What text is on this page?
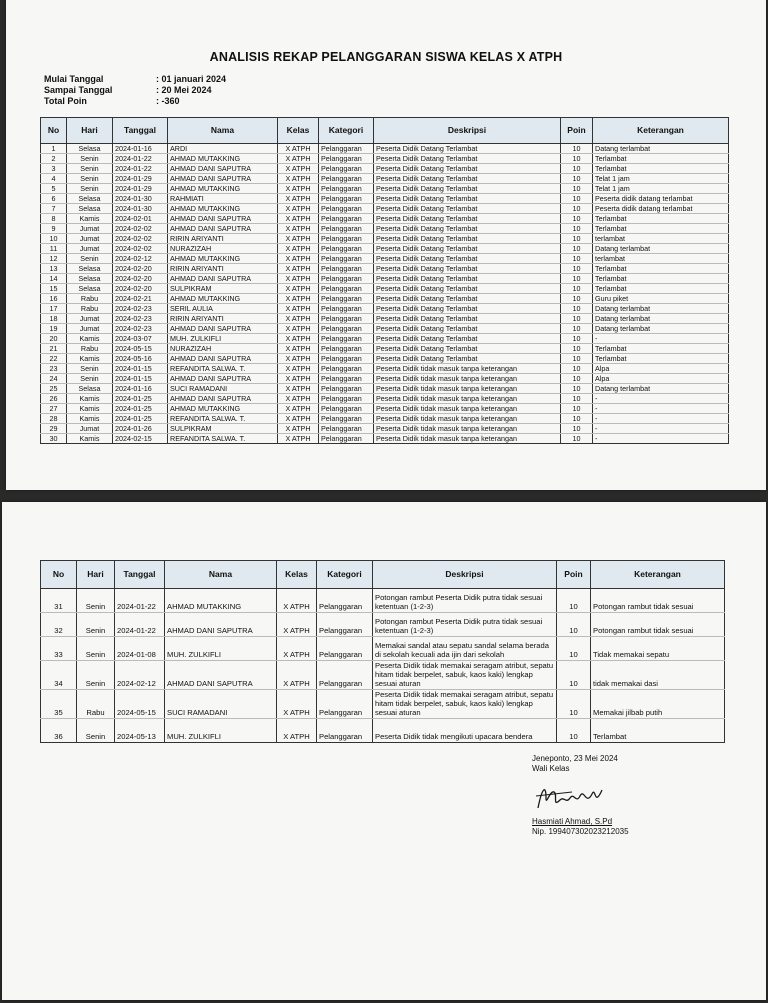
ANALISIS REKAP PELANGGARAN SISWA KELAS X ATPH
Mulai Tanggal	: 01 januari 2024
Sampai Tanggal	: 20 Mei 2024
Total Poin	: -360
No	Hari	Tanggal	Nama	Kelas	Kategori	Deskripsi	Poin	Keterangan
1	Selasa	2024-01-16	ARDI	X ATPH	Pelanggaran	Peserta Didik Datang Terlambat	10	Datang terlambat
2	Senin	2024-01-22	AHMAD MUTAKKING	X ATPH	Pelanggaran	Peserta Didik Datang Terlambat	10	Terlambat
3	Senin	2024-01-22	AHMAD DANI SAPUTRA	X ATPH	Pelanggaran	Peserta Didik Datang Terlambat	10	Terlambat
4	Senin	2024-01-29	AHMAD DANI SAPUTRA	X ATPH	Pelanggaran	Peserta Didik Datang Terlambat	10	Telat 1 jam
5	Senin	2024-01-29	AHMAD MUTAKKING	X ATPH	Pelanggaran	Peserta Didik Datang Terlambat	10	Telat 1 jam
6	Selasa	2024-01-30	RAHMIATI	X ATPH	Pelanggaran	Peserta Didik Datang Terlambat	10	Peserta didik datang terlambat
7	Selasa	2024-01-30	AHMAD MUTAKKING	X ATPH	Pelanggaran	Peserta Didik Datang Terlambat	10	Peserta didik datang terlambat
8	Kamis	2024-02-01	AHMAD DANI SAPUTRA	X ATPH	Pelanggaran	Peserta Didik Datang Terlambat	10	Terlambat
9	Jumat	2024-02-02	AHMAD DANI SAPUTRA	X ATPH	Pelanggaran	Peserta Didik Datang Terlambat	10	Terlambat
10	Jumat	2024-02-02	RIRIN ARIYANTI	X ATPH	Pelanggaran	Peserta Didik Datang Terlambat	10	terlambat
11	Jumat	2024-02-02	NURAZIZAH	X ATPH	Pelanggaran	Peserta Didik Datang Terlambat	10	Datang terlambat
12	Senin	2024-02-12	AHMAD MUTAKKING	X ATPH	Pelanggaran	Peserta Didik Datang Terlambat	10	terlambat
13	Selasa	2024-02-20	RIRIN ARIYANTI	X ATPH	Pelanggaran	Peserta Didik Datang Terlambat	10	Terlambat
14	Selasa	2024-02-20	AHMAD DANI SAPUTRA	X ATPH	Pelanggaran	Peserta Didik Datang Terlambat	10	Terlambat
15	Selasa	2024-02-20	SULPIKRAM	X ATPH	Pelanggaran	Peserta Didik Datang Terlambat	10	Terlambat
16	Rabu	2024-02-21	AHMAD MUTAKKING	X ATPH	Pelanggaran	Peserta Didik Datang Terlambat	10	Guru piket
17	Rabu	2024-02-23	SERIL AULIA	X ATPH	Pelanggaran	Peserta Didik Datang Terlambat	10	Datang terlambat
18	Jumat	2024-02-23	RIRIN ARIYANTI	X ATPH	Pelanggaran	Peserta Didik Datang Terlambat	10	Datang terlambat
19	Jumat	2024-02-23	AHMAD DANI SAPUTRA	X ATPH	Pelanggaran	Peserta Didik Datang Terlambat	10	Datang terlambat
20	Kamis	2024-03-07	MUH. ZULKIFLI	X ATPH	Pelanggaran	Peserta Didik Datang Terlambat	10	-
21	Rabu	2024-05-15	NURAZIZAH	X ATPH	Pelanggaran	Peserta Didik Datang Terlambat	10	Terlambat
22	Kamis	2024-05-16	AHMAD DANI SAPUTRA	X ATPH	Pelanggaran	Peserta Didik Datang Terlambat	10	Terlambat
23	Senin	2024-01-15	REFANDITA SALWA. T.	X ATPH	Pelanggaran	Peserta Didik tidak masuk tanpa keterangan	10	Alpa
24	Senin	2024-01-15	AHMAD DANI SAPUTRA	X ATPH	Pelanggaran	Peserta Didik tidak masuk tanpa keterangan	10	Alpa
25	Selasa	2024-01-16	SUCI RAMADANI	X ATPH	Pelanggaran	Peserta Didik tidak masuk tanpa keterangan	10	Datang terlambat
26	Kamis	2024-01-25	AHMAD DANI SAPUTRA	X ATPH	Pelanggaran	Peserta Didik tidak masuk tanpa keterangan	10	-
27	Kamis	2024-01-25	AHMAD MUTAKKING	X ATPH	Pelanggaran	Peserta Didik tidak masuk tanpa keterangan	10	-
28	Kamis	2024-01-25	REFANDITA SALWA. T.	X ATPH	Pelanggaran	Peserta Didik tidak masuk tanpa keterangan	10	-
29	Jumat	2024-01-26	SULPIKRAM	X ATPH	Pelanggaran	Peserta Didik tidak masuk tanpa keterangan	10	-
30	Kamis	2024-02-15	REFANDITA SALWA. T.	X ATPH	Pelanggaran	Peserta Didik tidak masuk tanpa keterangan	10	-
No	Hari	Tanggal	Nama	Kelas	Kategori	Deskripsi	Poin	Keterangan
31	Senin	2024-01-22	AHMAD MUTAKKING	X ATPH	Pelanggaran	Potongan rambut Peserta Didik putra tidak sesuai ketentuan (1-2-3)	10	Potongan rambut tidak sesuai
32	Senin	2024-01-22	AHMAD DANI SAPUTRA	X ATPH	Pelanggaran	Potongan rambut Peserta Didik putra tidak sesuai ketentuan (1-2-3)	10	Potongan rambut tidak sesuai
33	Senin	2024-01-08	MUH. ZULKIFLI	X ATPH	Pelanggaran	Memakai sandal atau sepatu sandal selama berada di sekolah kecuali ada ijin dari sekolah	10	Tidak memakai sepatu
34	Senin	2024-02-12	AHMAD DANI SAPUTRA	X ATPH	Pelanggaran	Peserta Didik tidak memakai seragam atribut, sepatu hitam tidak berpelet, sabuk, kaos kaki) lengkap sesuai aturan	10	tidak memakai dasi
35	Rabu	2024-05-15	SUCI RAMADANI	X ATPH	Pelanggaran	Peserta Didik tidak memakai seragam atribut, sepatu hitam tidak berpelet, sabuk, kaos kaki) lengkap sesuai aturan	10	Memakai jilbab putih
36	Senin	2024-05-13	MUH. ZULKIFLI	X ATPH	Pelanggaran	Peserta Didik tidak mengikuti upacara bendera	10	Terlambat
Jeneponto, 23 Mei 2024
Wali Kelas
Hasmiati Ahmad, S.Pd
Nip. 199407302023212035
